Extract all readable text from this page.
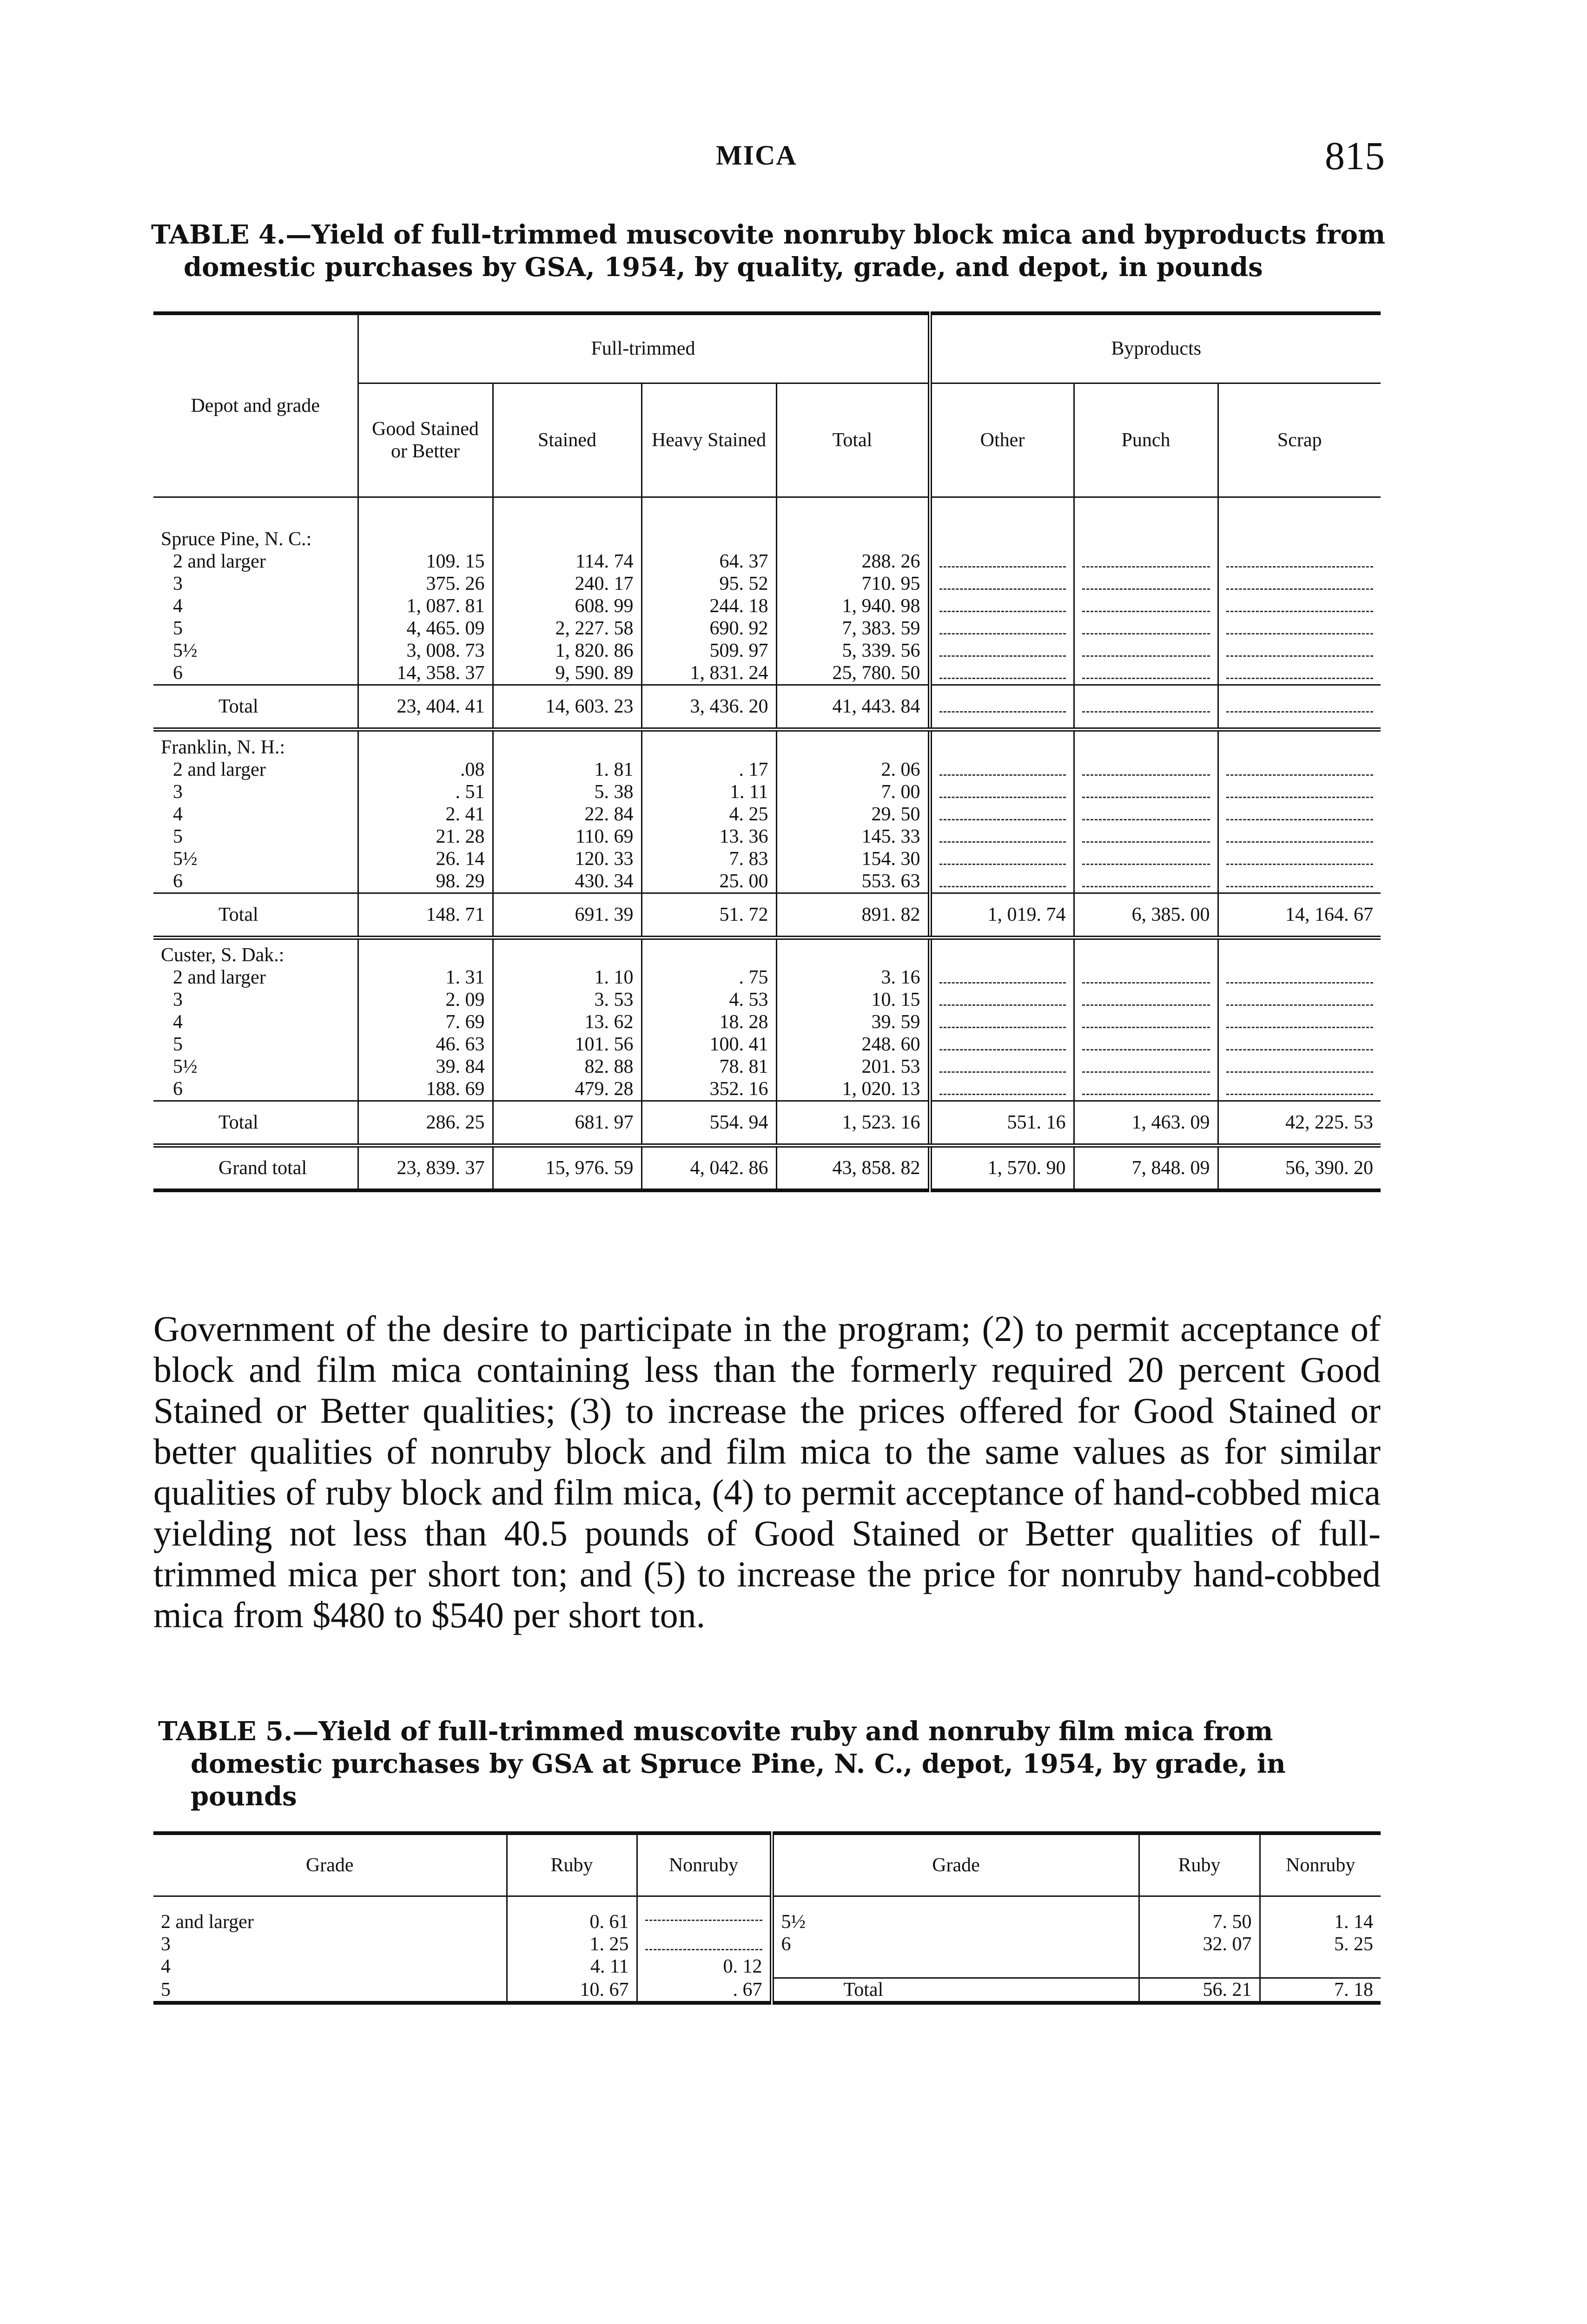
MICA	815
TABLE 4.—Yield of full-trimmed muscovite nonruby block mica and byproducts from domestic purchases by GSA, 1954, by quality, grade, and depot, in pounds
Depot and grade	Full-trimmed				Byproducts		
	Good Stained or Better	Stained	Heavy Stained	Total	Other	Punch	Scrap
Spruce Pine, N. C.:							
2 and larger	109. 15	114. 74	64. 37	288. 26			
3	375. 26	240. 17	95. 52	710. 95			
4	1, 087. 81	608. 99	244. 18	1, 940. 98			
5	4, 465. 09	2, 227. 58	690. 92	7, 383. 59			
5½	3, 008. 73	1, 820. 86	509. 97	5, 339. 56			
6	14, 358. 37	9, 590. 89	1, 831. 24	25, 780. 50			
Total	23, 404. 41	14, 603. 23	3, 436. 20	41, 443. 84			
Franklin, N. H.:							
2 and larger	.08	1. 81	. 17	2. 06			
3	. 51	5. 38	1. 11	7. 00			
4	2. 41	22. 84	4. 25	29. 50			
5	21. 28	110. 69	13. 36	145. 33			
5½	26. 14	120. 33	7. 83	154. 30			
6	98. 29	430. 34	25. 00	553. 63			
Total	148. 71	691. 39	51. 72	891. 82	1, 019. 74	6, 385. 00	14, 164. 67
Custer, S. Dak.:							
2 and larger	1. 31	1. 10	. 75	3. 16			
3	2. 09	3. 53	4. 53	10. 15			
4	7. 69	13. 62	18. 28	39. 59			
5	46. 63	101. 56	100. 41	248. 60			
5½	39. 84	82. 88	78. 81	201. 53			
6	188. 69	479. 28	352. 16	1, 020. 13			
Total	286. 25	681. 97	554. 94	1, 523. 16	551. 16	1, 463. 09	42, 225. 53
Grand total	23, 839. 37	15, 976. 59	4, 042. 86	43, 858. 82	1, 570. 90	7, 848. 09	56, 390. 20
Government of the desire to participate in the program; (2) to permit acceptance of block and film mica containing less than the formerly required 20 percent Good Stained or Better qualities; (3) to increase the prices offered for Good Stained or better qualities of nonruby block and film mica to the same values as for similar qualities of ruby block and film mica, (4) to permit acceptance of hand-cobbed mica yielding not less than 40.5 pounds of Good Stained or Better qualities of full-trimmed mica per short ton; and (5) to increase the price for nonruby hand-cobbed mica from $480 to $540 per short ton.
TABLE 5.—Yield of full-trimmed muscovite ruby and nonruby film mica from domestic purchases by GSA at Spruce Pine, N. C., depot, 1954, by grade, in pounds
Grade	Ruby	Nonruby	Grade	Ruby	Nonruby
2 and larger	0. 61		5½	7. 50	1. 14
3	1. 25		6	32. 07	5. 25
4	4. 11	0. 12			
5	10. 67	. 67	Total	56. 21	7. 18
